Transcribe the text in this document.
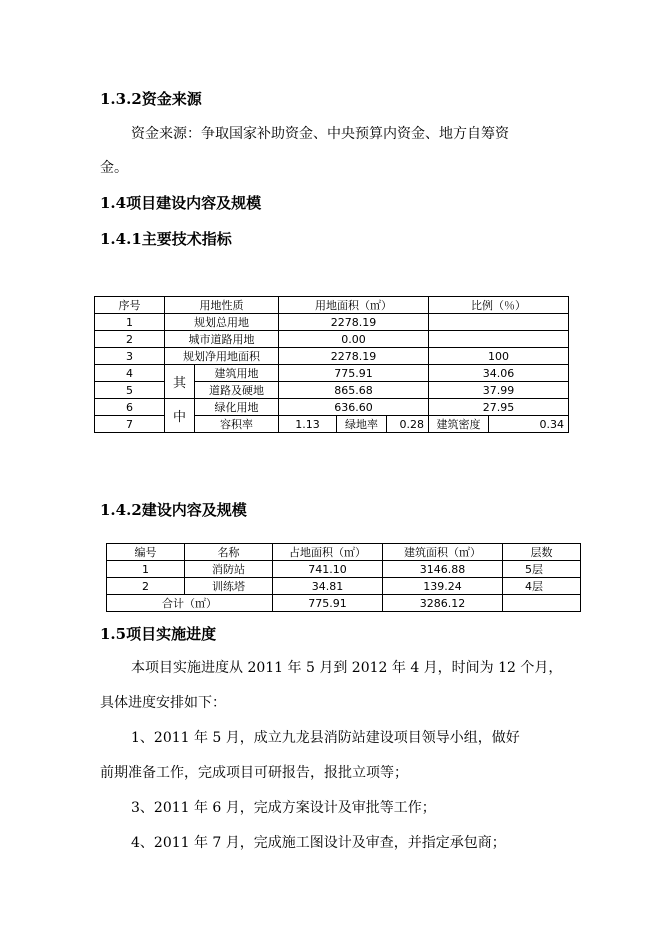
1.3.2资金来源
资金来源：争取国家补助资金、中央预算内资金、地方自筹资
金。
1.4项目建设内容及规模
1.4.1主要技术指标
序号	用地性质		用地面积（㎡）			比例（％）	
1	规划总用地		2278.19				
2	城市道路用地		0.00				
3	规划净用地面积		2278.19			100	
4	其	建筑用地	775.91			34.06	
5		道路及硬地	865.68			37.99	
6	中	绿化用地	636.60			27.95	
7		容积率	1.13	绿地率	0.28	建筑密度	0.34
1.4.2建设内容及规模
编号	名称	占地面积（㎡）	建筑面积（㎡）	层数
1	消防站	741.10	3146.88	5层
2	训练塔	34.81	139.24	4层
合计（㎡）		775.91	3286.12	
1.5项目实施进度
本项目实施进度从 2011 年 5 月到 2012 年 4 月，时间为 12 个月，
具体进度安排如下：
1、2011 年 5 月，成立九龙县消防站建设项目领导小组，做好
前期准备工作，完成项目可研报告，报批立项等；
3、2011 年 6 月，完成方案设计及审批等工作；
4、2011 年 7 月，完成施工图设计及审查，并指定承包商；
